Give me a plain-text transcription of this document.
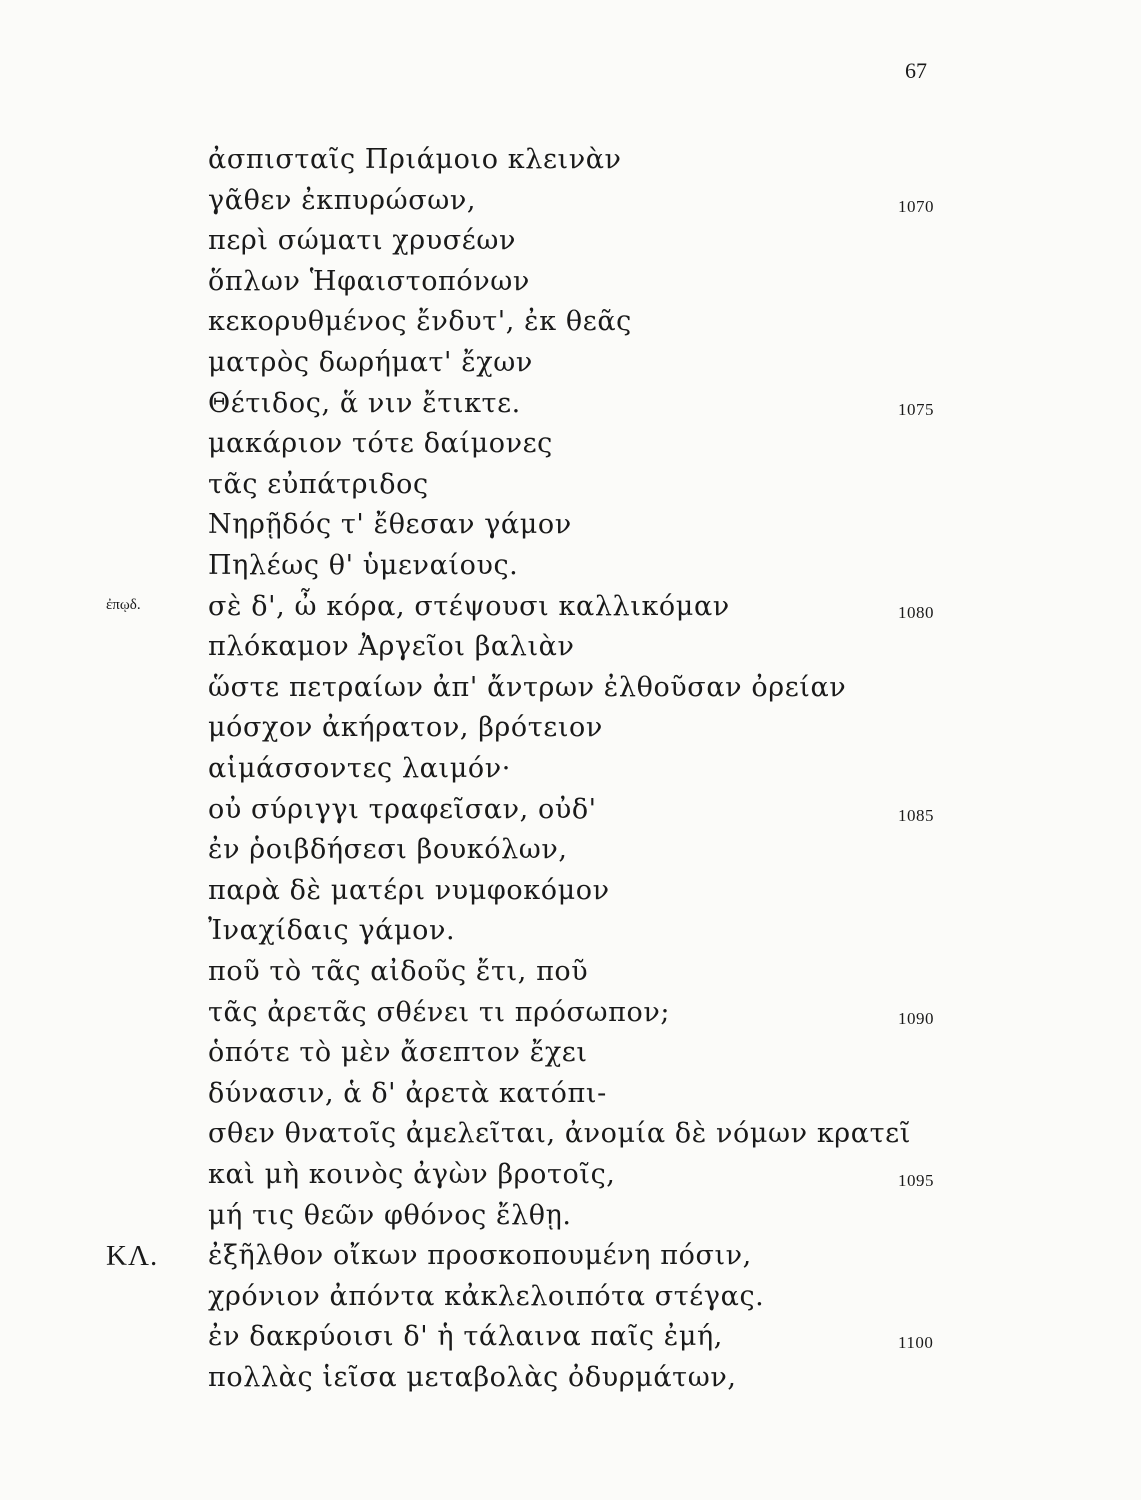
67
ἀσπισταῖς Πριάμοιο κλεινὰν
γᾶθεν ἐκπυρώσων,
περὶ σώματι χρυσέων
ὅπλων Ἡφαιστοπόνων
κεκορυθμένος ἔνδυτ', ἐκ θεᾶς
ματρὸς δωρήματ' ἔχων
Θέτιδος, ἅ νιν ἔτικτε.
μακάριον τότε δαίμονες
τᾶς εὐπάτριδος
Νηρῇδός τ' ἔθεσαν γάμον
Πηλέως θ' ὑμεναίους.
σὲ δ', ὦ κόρα, στέψουσι καλλικόμαν
πλόκαμον Ἀργεῖοι βαλιὰν
ὥστε πετραίων ἀπ' ἄντρων ἐλθοῦσαν ὀρείαν
μόσχον ἀκήρατον, βρότειον
αἱμάσσοντες λαιμόν·
οὐ σύριγγι τραφεῖσαν, οὐδ'
ἐν ῥοιβδήσεσι βουκόλων,
παρὰ δὲ ματέρι νυμφοκόμον
Ἰναχίδαις γάμον.
ποῦ τὸ τᾶς αἰδοῦς ἔτι, ποῦ
τᾶς ἀρετᾶς σθένει τι πρόσωπον;
ὁπότε τὸ μὲν ἄσεπτον ἔχει
δύνασιν, ἁ δ' ἀρετὰ κατόπι-
σθεν θνατοῖς ἀμελεῖται, ἀνομία δὲ νόμων κρατεῖ
καὶ μὴ κοινὸς ἀγὼν βροτοῖς,
μή τις θεῶν φθόνος ἔλθῃ.
ἐξῆλθον οἴκων προσκοπουμένη πόσιν,
χρόνιον ἀπόντα κἀκλελοιπότα στέγας.
ἐν δακρύοισι δ' ἡ τάλαινα παῖς ἐμή,
πολλὰς ἱεῖσα μεταβολὰς ὀδυρμάτων,
ἐπῳδ.
ΚΛ.
1070
1075
1080
1085
1090
1095
1100
